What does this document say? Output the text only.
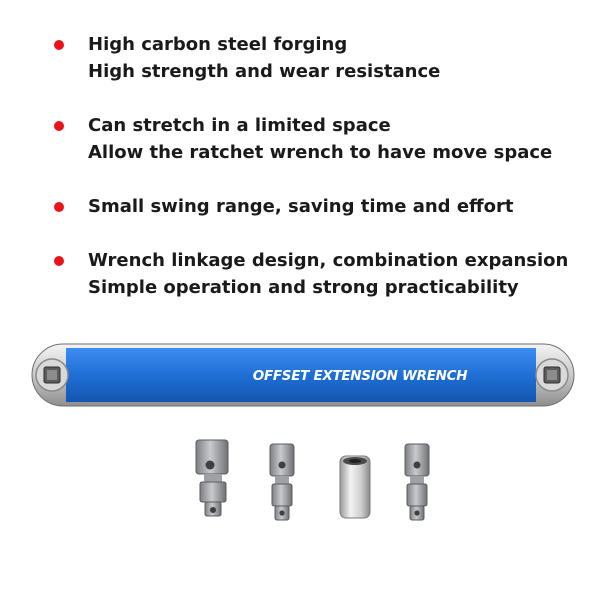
High carbon steel forging
High strength and wear resistance
Can stretch in a limited space
Allow the ratchet wrench to have move space
Small swing range, saving time and effort
Wrench linkage design, combination expansion
Simple operation and strong practicability
OFFSET EXTENSION WRENCH
